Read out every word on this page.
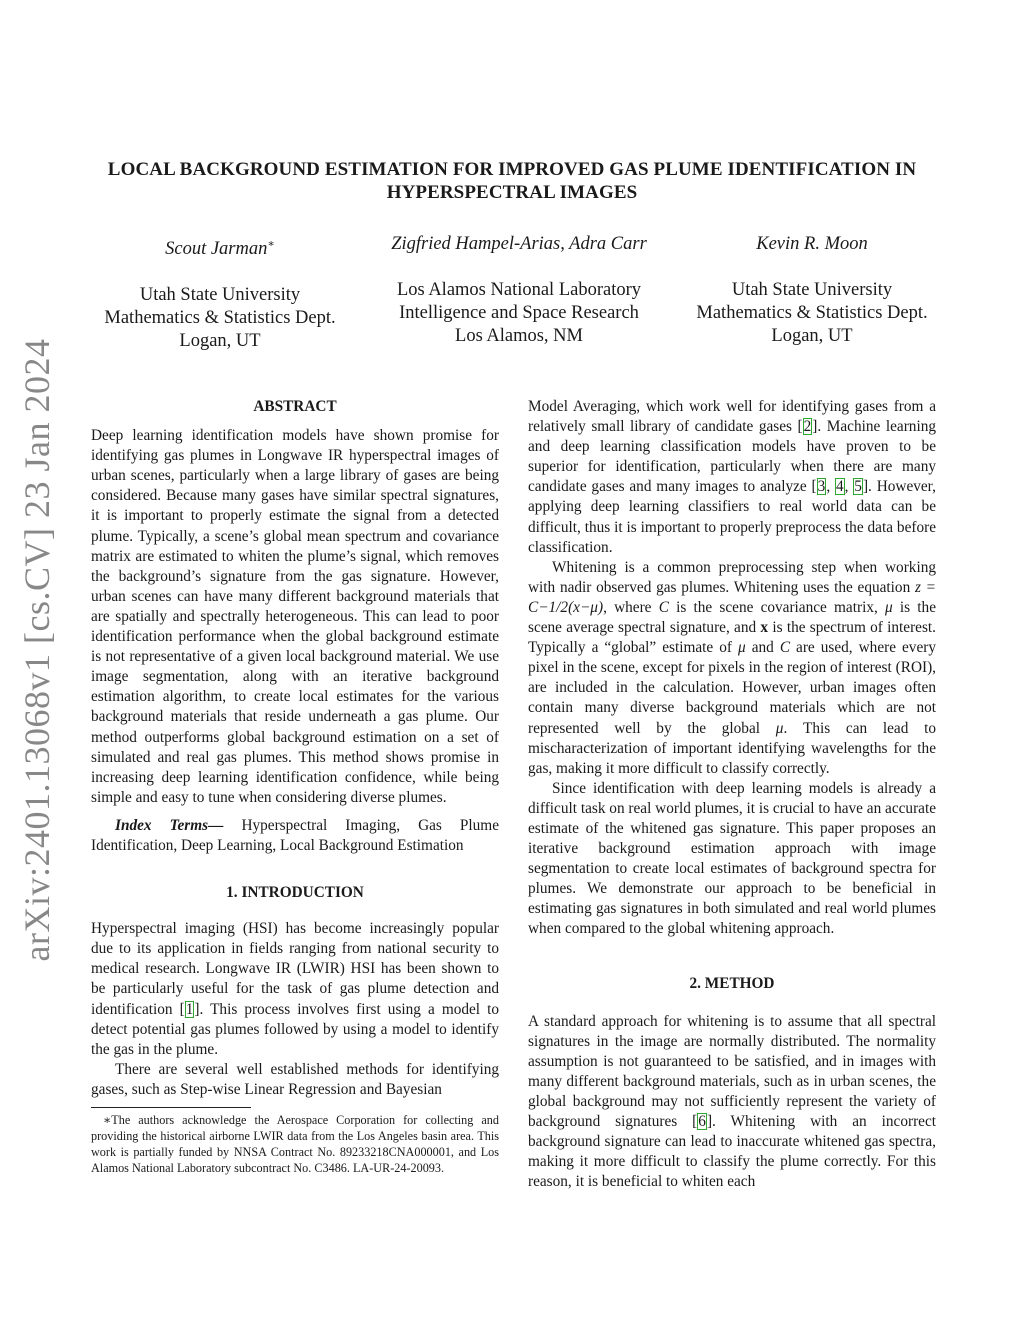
arXiv:2401.13068v1 [cs.CV] 23 Jan 2024
LOCAL BACKGROUND ESTIMATION FOR IMPROVED GAS PLUME IDENTIFICATION IN HYPERSPECTRAL IMAGES
Scout Jarman∗
Utah State University
Mathematics & Statistics Dept.
Logan, UT
Zigfried Hampel-Arias, Adra Carr
Los Alamos National Laboratory
Intelligence and Space Research
Los Alamos, NM
Kevin R. Moon
Utah State University
Mathematics & Statistics Dept.
Logan, UT

ABSTRACT

Deep learning identification models have shown promise for identifying gas plumes in Longwave IR hyperspectral images of urban scenes, particularly when a large library of gases are being considered. Because many gases have similar spectral signatures, it is important to properly estimate the signal from a detected plume. Typically, a scene’s global mean spectrum and covariance matrix are estimated to whiten the plume’s signal, which removes the background’s signature from the gas signature. However, urban scenes can have many different background materials that are spatially and spectrally heterogeneous. This can lead to poor identification performance when the global background estimate is not representative of a given local background material. We use image segmentation, along with an iterative background estimation algorithm, to create local estimates for the various background materials that reside underneath a gas plume. Our method outperforms global background estimation on a set of simulated and real gas plumes. This method shows promise in increasing deep learning identification confidence, while being simple and easy to tune when considering diverse plumes.

Index Terms— Hyperspectral Imaging, Gas Plume Identification, Deep Learning, Local Background Estimation

1. INTRODUCTION

Hyperspectral imaging (HSI) has become increasingly popular due to its application in fields ranging from national security to medical research. Longwave IR (LWIR) HSI has been shown to be particularly useful for the task of gas plume detection and identification [1]. This process involves first using a model to detect potential gas plumes followed by using a model to identify the gas in the plume.

There are several well established methods for identifying gases, such as Step-wise Linear Regression and Bayesian

∗The authors acknowledge the Aerospace Corporation for collecting and providing the historical airborne LWIR data from the Los Angeles basin area. This work is partially funded by NNSA Contract No. 89233218CNA000001, and Los Alamos National Laboratory subcontract No. C3486. LA-UR-24-20093.

Model Averaging, which work well for identifying gases from a relatively small library of candidate gases [2]. Machine learning and deep learning classification models have proven to be superior for identification, particularly when there are many candidate gases and many images to analyze [3, 4, 5]. However, applying deep learning classifiers to real world data can be difficult, thus it is important to properly preprocess the data before classification.

Whitening is a common preprocessing step when working with nadir observed gas plumes. Whitening uses the equation z = C−1/2(x−μ), where C is the scene covariance matrix, μ is the scene average spectral signature, and x is the spectrum of interest. Typically a “global” estimate of μ and C are used, where every pixel in the scene, except for pixels in the region of interest (ROI), are included in the calculation. However, urban images often contain many diverse background materials which are not represented well by the global μ. This can lead to mischaracterization of important identifying wavelengths for the gas, making it more difficult to classify correctly.

Since identification with deep learning models is already a difficult task on real world plumes, it is crucial to have an accurate estimate of the whitened gas signature. This paper proposes an iterative background estimation approach with image segmentation to create local estimates of background spectra for plumes. We demonstrate our approach to be beneficial in estimating gas signatures in both simulated and real world plumes when compared to the global whitening approach.

2. METHOD

A standard approach for whitening is to assume that all spectral signatures in the image are normally distributed. The normality assumption is not guaranteed to be satisfied, and in images with many different background materials, such as in urban scenes, the global background may not sufficiently represent the variety of background signatures [6]. Whitening with an incorrect background signature can lead to inaccurate whitened gas spectra, making it more difficult to classify the plume correctly. For this reason, it is beneficial to whiten each
